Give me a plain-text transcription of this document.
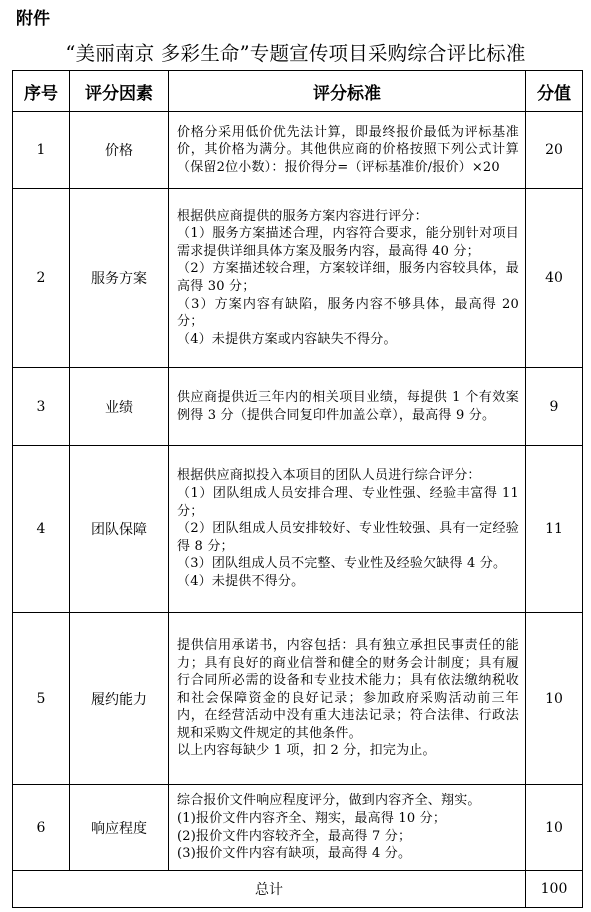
附件
“美丽南京 多彩生命”专题宣传项目采购综合评比标准
序号	评分因素	评分标准	分值
1	价格	价格分采用低价优先法计算，即最终报价最低为评标基准价，其价格为满分。其他供应商的价格按照下列公式计算（保留2位小数）：报价得分=（评标基准价/报价）×20	20
2	服务方案	根据供应商提供的服务方案内容进行评分：
（1）服务方案描述合理，内容符合要求，能分别针对项目需求提供详细具体方案及服务内容，最高得 40 分；
（2）方案描述较合理，方案较详细，服务内容较具体，最高得 30 分；
（3）方案内容有缺陷，服务内容不够具体，最高得 20 分；
（4）未提供方案或内容缺失不得分。	40
3	业绩	供应商提供近三年内的相关项目业绩，每提供 1 个有效案例得 3 分（提供合同复印件加盖公章），最高得 9 分。	9
4	团队保障	根据供应商拟投入本项目的团队人员进行综合评分：
（1）团队组成人员安排合理、专业性强、经验丰富得 11 分；
（2）团队组成人员安排较好、专业性较强、具有一定经验得 8 分；
（3）团队组成人员不完整、专业性及经验欠缺得 4 分。
（4）未提供不得分。	11
5	履约能力	提供信用承诺书，内容包括：具有独立承担民事责任的能力；具有良好的商业信誉和健全的财务会计制度；具有履行合同所必需的设备和专业技术能力；具有依法缴纳税收和社会保障资金的良好记录；参加政府采购活动前三年内，在经营活动中没有重大违法记录；符合法律、行政法规和采购文件规定的其他条件。
以上内容每缺少 1 项，扣 2 分，扣完为止。	10
6	响应程度	综合报价文件响应程度评分，做到内容齐全、翔实。
(1)报价文件内容齐全、翔实，最高得 10 分；
(2)报价文件内容较齐全，最高得 7 分；
(3)报价文件内容有缺项，最高得 4 分。	10
总计			100
